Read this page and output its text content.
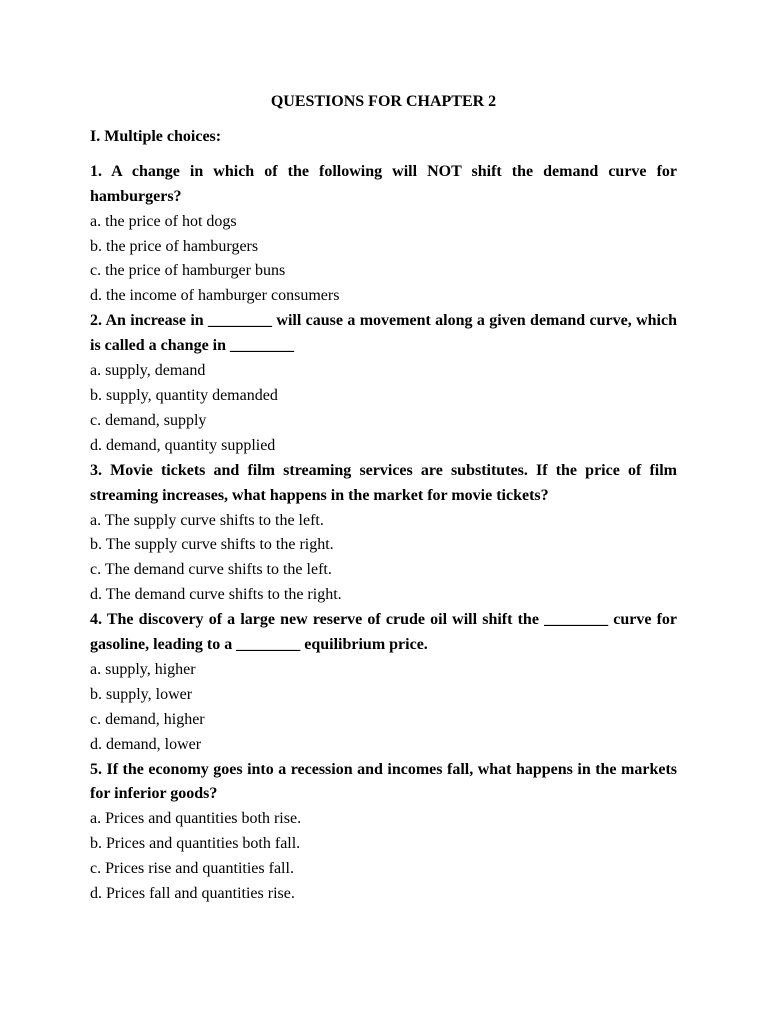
QUESTIONS FOR CHAPTER 2

I. Multiple choices:

1. A change in which of the following will NOT shift the demand curve for hamburgers?

a. the price of hot dogs

b. the price of hamburgers

c. the price of hamburger buns

d. the income of hamburger consumers

2. An increase in ________ will cause a movement along a given demand curve, which is called a change in ________

a. supply, demand

b. supply, quantity demanded

c. demand, supply

d. demand, quantity supplied

3. Movie tickets and film streaming services are substitutes. If the price of film streaming increases, what happens in the market for movie tickets?

a. The supply curve shifts to the left.

b. The supply curve shifts to the right.

c. The demand curve shifts to the left.

d. The demand curve shifts to the right.

4. The discovery of a large new reserve of crude oil will shift the ________ curve for gasoline, leading to a ________ equilibrium price.

a. supply, higher

b. supply, lower

c. demand, higher

d. demand, lower

5. If the economy goes into a recession and incomes fall, what happens in the markets for inferior goods?

a. Prices and quantities both rise.

b. Prices and quantities both fall.

c. Prices rise and quantities fall.

d. Prices fall and quantities rise.
